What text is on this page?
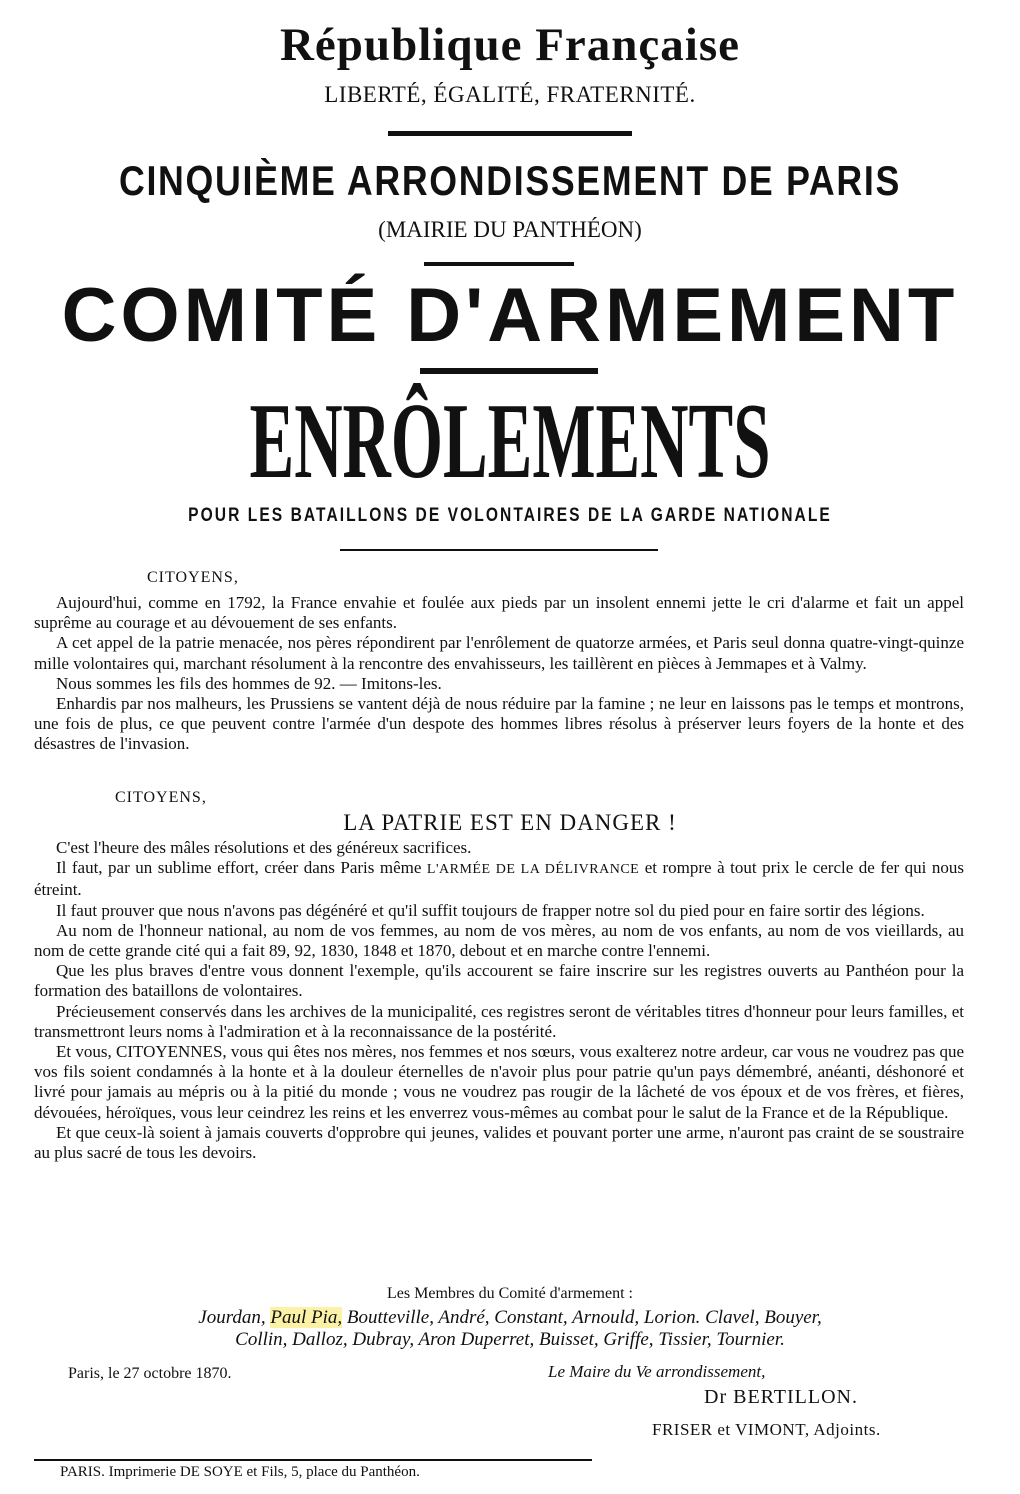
République Française
LIBERTÉ, ÉGALITÉ, FRATERNITÉ.
CINQUIÈME ARRONDISSEMENT DE PARIS
(MAIRIE DU PANTHÉON)
COMITÉ D'ARMEMENT
ENRÔLEMENTS
POUR LES BATAILLONS DE VOLONTAIRES DE LA GARDE NATIONALE
CITOYENS,

Aujourd'hui, comme en 1792, la France envahie et foulée aux pieds par un insolent ennemi jette le cri d'alarme et fait un appel suprême au courage et au dévouement de ses enfants.

A cet appel de la patrie menacée, nos pères répondirent par l'enrôlement de quatorze armées, et Paris seul donna quatre-vingt-quinze mille volontaires qui, marchant résolument à la rencontre des envahisseurs, les taillèrent en pièces à Jemmapes et à Valmy.

Nous sommes les fils des hommes de 92. — Imitons-les.

Enhardis par nos malheurs, les Prussiens se vantent déjà de nous réduire par la famine ; ne leur en laissons pas le temps et montrons, une fois de plus, ce que peuvent contre l'armée d'un despote des hommes libres résolus à préserver leurs foyers de la honte et des désastres de l'invasion.

CITOYENS,
LA PATRIE EST EN DANGER !

C'est l'heure des mâles résolutions et des généreux sacrifices.

Il faut, par un sublime effort, créer dans Paris même L'ARMÉE DE LA DÉLIVRANCE et rompre à tout prix le cercle de fer qui nous étreint.

Il faut prouver que nous n'avons pas dégénéré et qu'il suffit toujours de frapper notre sol du pied pour en faire sortir des légions.

Au nom de l'honneur national, au nom de vos femmes, au nom de vos mères, au nom de vos enfants, au nom de vos vieillards, au nom de cette grande cité qui a fait 89, 92, 1830, 1848 et 1870, debout et en marche contre l'ennemi.

Que les plus braves d'entre vous donnent l'exemple, qu'ils accourent se faire inscrire sur les registres ouverts au Panthéon pour la formation des bataillons de volontaires.

Précieusement conservés dans les archives de la municipalité, ces registres seront de véritables titres d'honneur pour leurs familles, et transmettront leurs noms à l'admiration et à la reconnaissance de la postérité.

Et vous, CITOYENNES, vous qui êtes nos mères, nos femmes et nos sœurs, vous exalterez notre ardeur, car vous ne voudrez pas que vos fils soient condamnés à la honte et à la douleur éternelles de n'avoir plus pour patrie qu'un pays démembré, anéanti, déshonoré et livré pour jamais au mépris ou à la pitié du monde ; vous ne voudrez pas rougir de la lâcheté de vos époux et de vos frères, et fières, dévouées, héroïques, vous leur ceindrez les reins et les enverrez vous-mêmes au combat pour le salut de la France et de la République.

Et que ceux-là soient à jamais couverts d'opprobre qui jeunes, valides et pouvant porter une arme, n'auront pas craint de se soustraire au plus sacré de tous les devoirs.

Les Membres du Comité d'armement :
Jourdan, Paul Pia, Boutteville, André, Constant, Arnould, Lorion. Clavel, Bouyer,
Collin, Dalloz, Dubray, Aron Duperret, Buisset, Griffe, Tissier, Tournier.
Paris, le 27 octobre 1870.	Le Maire du Ve arrondissement,
Dr BERTILLON.
FRISER et VIMONT, Adjoints.
PARIS. Imprimerie DE SOYE et Fils, 5, place du Panthéon.
